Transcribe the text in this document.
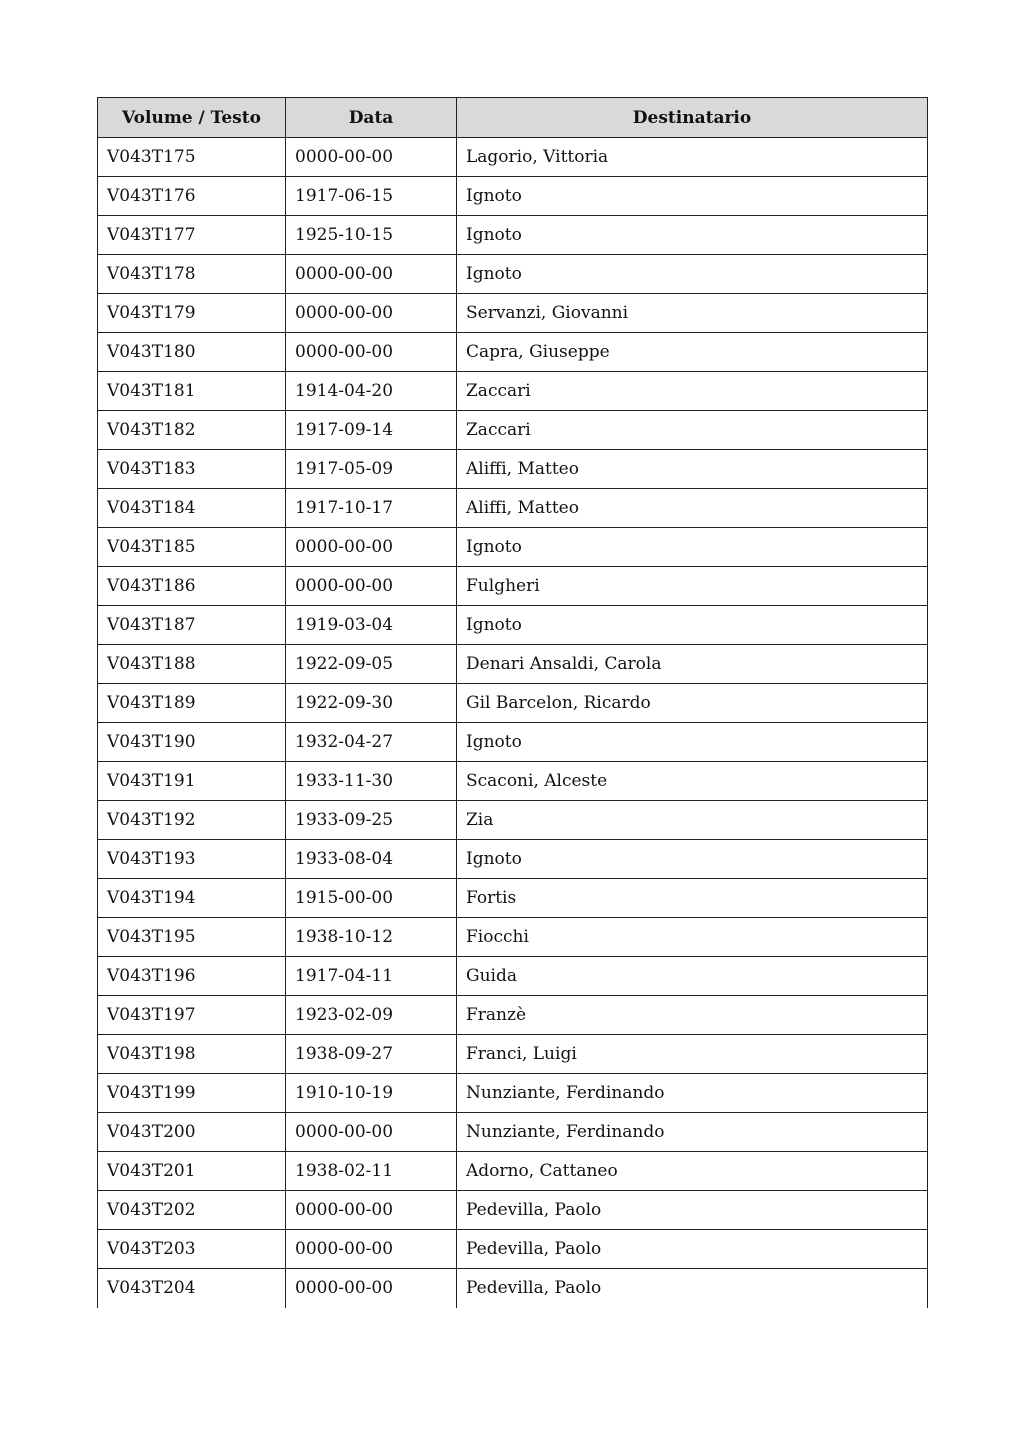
Volume / Testo	Data	Destinatario
V043T175	0000-00-00	Lagorio, Vittoria
V043T176	1917-06-15	Ignoto
V043T177	1925-10-15	Ignoto
V043T178	0000-00-00	Ignoto
V043T179	0000-00-00	Servanzi, Giovanni
V043T180	0000-00-00	Capra, Giuseppe
V043T181	1914-04-20	Zaccari
V043T182	1917-09-14	Zaccari
V043T183	1917-05-09	Aliffi, Matteo
V043T184	1917-10-17	Aliffi, Matteo
V043T185	0000-00-00	Ignoto
V043T186	0000-00-00	Fulgheri
V043T187	1919-03-04	Ignoto
V043T188	1922-09-05	Denari Ansaldi, Carola
V043T189	1922-09-30	Gil Barcelon, Ricardo
V043T190	1932-04-27	Ignoto
V043T191	1933-11-30	Scaconi, Alceste
V043T192	1933-09-25	Zia
V043T193	1933-08-04	Ignoto
V043T194	1915-00-00	Fortis
V043T195	1938-10-12	Fiocchi
V043T196	1917-04-11	Guida
V043T197	1923-02-09	Franzè
V043T198	1938-09-27	Franci, Luigi
V043T199	1910-10-19	Nunziante, Ferdinando
V043T200	0000-00-00	Nunziante, Ferdinando
V043T201	1938-02-11	Adorno, Cattaneo
V043T202	0000-00-00	Pedevilla, Paolo
V043T203	0000-00-00	Pedevilla, Paolo
V043T204	0000-00-00	Pedevilla, Paolo
